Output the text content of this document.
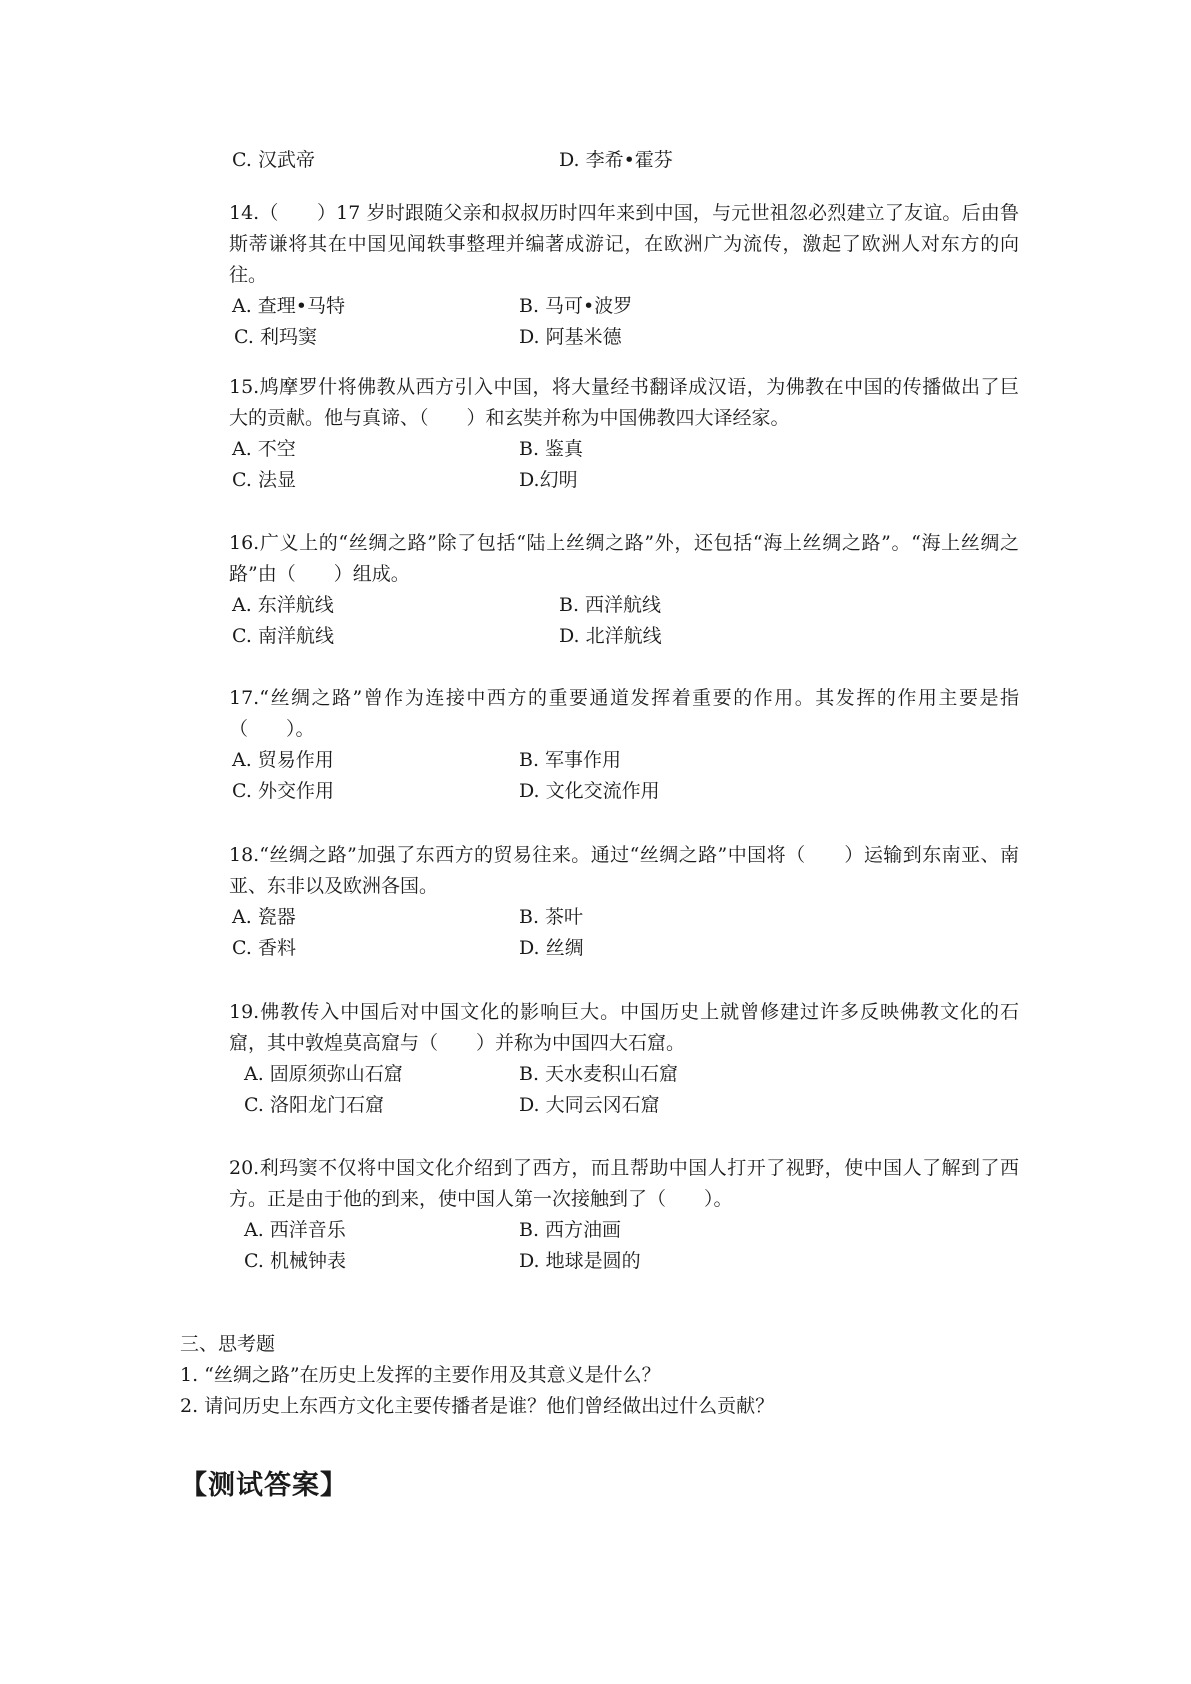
C. 汉武帝	D. 李希•霍芬
14.（　　）17 岁时跟随父亲和叔叔历时四年来到中国，与元世祖忽必烈建立了友谊。后由鲁斯蒂谦将其在中国见闻轶事整理并编著成游记，在欧洲广为流传，激起了欧洲人对东方的向往。
A. 查理•马特	B. 马可•波罗
C. 利玛窦	D. 阿基米德
15.鸠摩罗什将佛教从西方引入中国，将大量经书翻译成汉语，为佛教在中国的传播做出了巨大的贡献。他与真谛、（　　）和玄奘并称为中国佛教四大译经家。
A. 不空	B. 鉴真
C. 法显	D.幻明
16.广义上的“丝绸之路”除了包括“陆上丝绸之路”外，还包括“海上丝绸之路”。“海上丝绸之路”由（　　）组成。
A. 东洋航线	B. 西洋航线
C. 南洋航线	D. 北洋航线
17.“丝绸之路”曾作为连接中西方的重要通道发挥着重要的作用。其发挥的作用主要是指（　　）。
A. 贸易作用	B. 军事作用
C. 外交作用	D. 文化交流作用
18.“丝绸之路”加强了东西方的贸易往来。通过“丝绸之路”中国将（　　）运输到东南亚、南亚、东非以及欧洲各国。
A. 瓷器	B. 茶叶
C. 香料	D. 丝绸
19.佛教传入中国后对中国文化的影响巨大。中国历史上就曾修建过许多反映佛教文化的石窟，其中敦煌莫高窟与（　　）并称为中国四大石窟。
A. 固原须弥山石窟	B. 天水麦积山石窟
C. 洛阳龙门石窟	D. 大同云冈石窟
20.利玛窦不仅将中国文化介绍到了西方，而且帮助中国人打开了视野，使中国人了解到了西方。正是由于他的到来，使中国人第一次接触到了（　　）。
A. 西洋音乐	B. 西方油画
C. 机械钟表	D. 地球是圆的
三、思考题
1. “丝绸之路”在历史上发挥的主要作用及其意义是什么？
2. 请问历史上东西方文化主要传播者是谁？他们曾经做出过什么贡献？
【测试答案】
